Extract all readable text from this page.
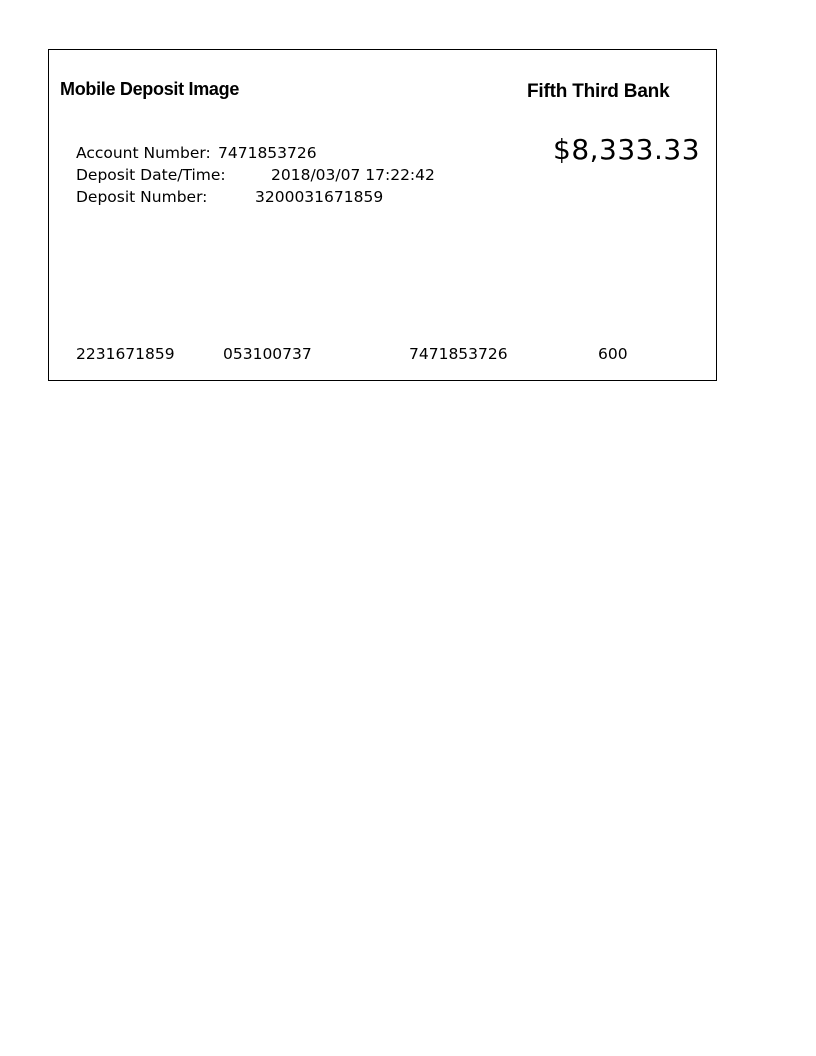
Mobile Deposit Image	Fifth Third Bank
$8,333.33
Account Number: 7471853726
Deposit Date/Time:	2018/03/07 17:22:42
Deposit Number:	3200031671859
2231671859	053100737	7471853726	600
